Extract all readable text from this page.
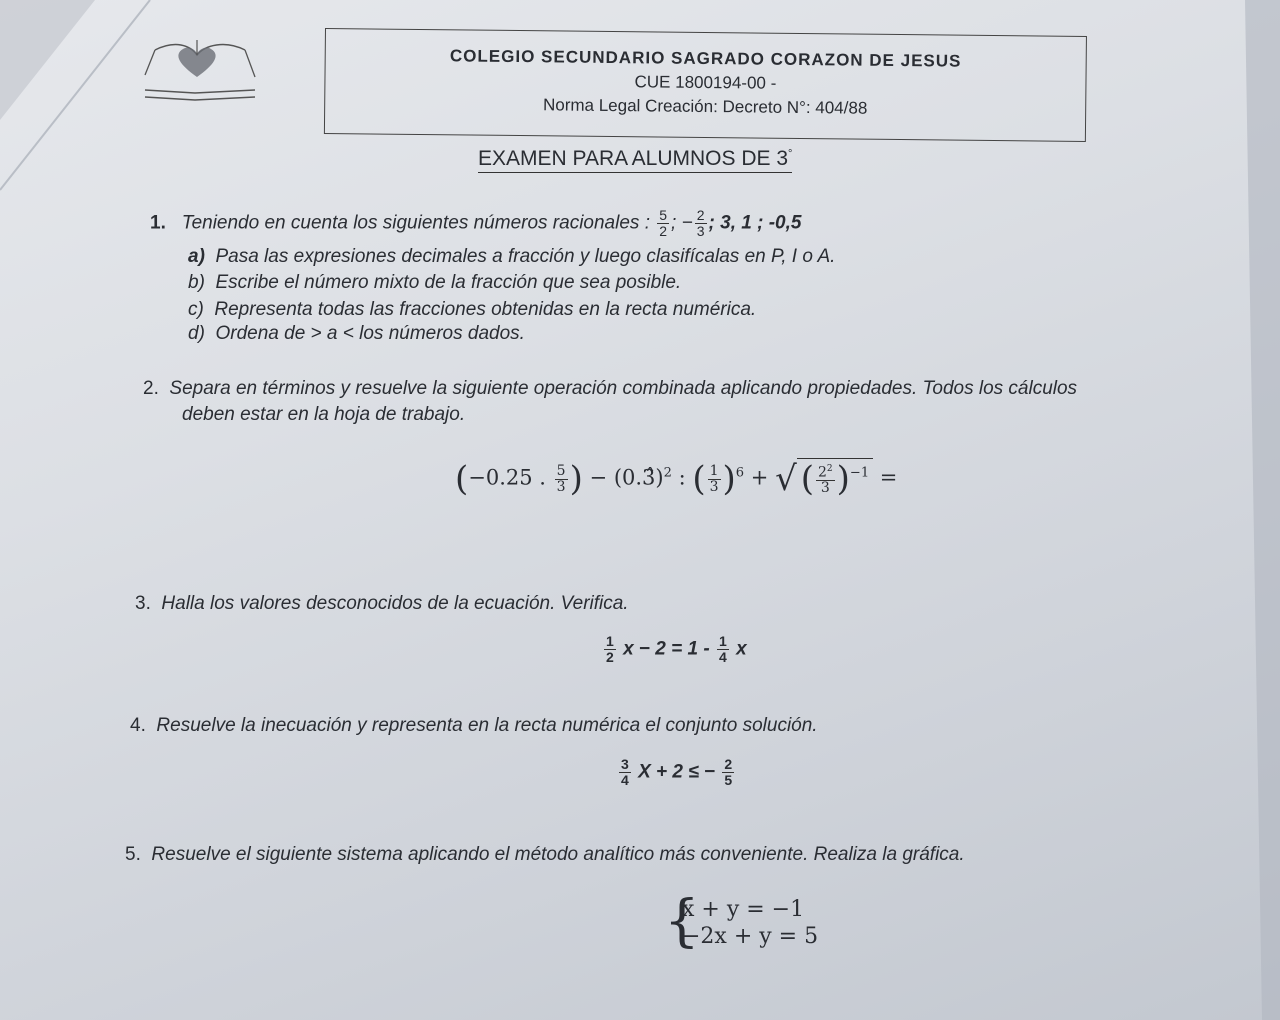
COLEGIO SECUNDARIO SAGRADO CORAZON DE JESUS
CUE 1800194-00 -
Norma Legal Creación: Decreto N°: 404/88
EXAMEN PARA ALUMNOS DE 3°
1. Teniendo en cuenta los siguientes números racionales : $\frac{5}{2}$ ; − $\frac{2}{3}$ ; 3, 1 ; -0,5
a) Pasa las expresiones decimales a fracción y luego clasifícalas en P, I o A.
b) Escribe el número mixto de la fracción que sea posible.
c) Representa todas las fracciones obtenidas en la recta numérica.
d) Ordena de > a < los números dados.
2. Separa en términos y resuelve la siguiente operación combinada aplicando propiedades. Todos los cálculos
deben estar en la hoja de trabajo.
(−0.25 . $\frac{5}{3}$ ) − (0.3̂)$^2$ : ( $\frac{1}{3} )^6$ + √ ( $\frac{2^2}{3} )^{-1}$ =
3. Halla los valores desconocidos de la ecuación. Verifica.
$\frac{1}{2}$ $x - 2 = 1 - \frac{1}{4}$ x
4. Resuelve la inecuación y representa en la recta numérica el conjunto solución.
$\frac{3}{4}$ X + 2 ≤ − $\frac{2}{5}$
5. Resuelve el siguiente sistema aplicando el método analítico más conveniente. Realiza la gráfica.
{
x + y = −1
−2x + y = 5
